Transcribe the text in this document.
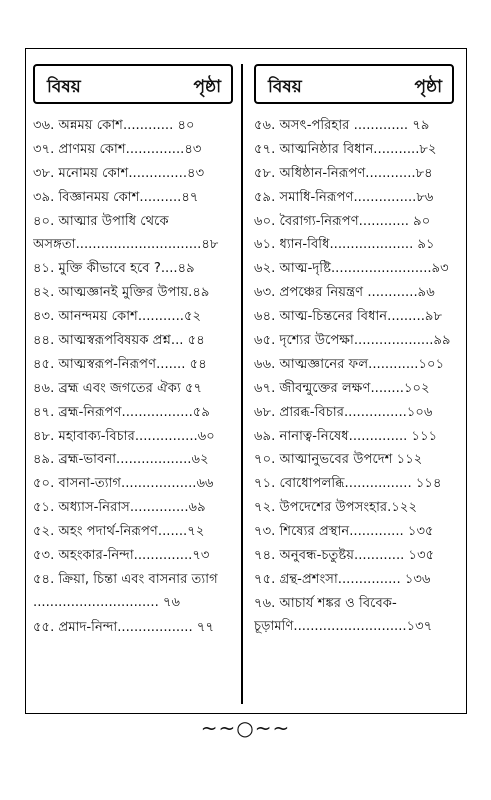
বিষয়	পৃষ্ঠা
৩৬. অন্নময় কোশ............ ৪০
৩৭. প্রাণময় কোশ..............৪৩
৩৮. মনোময় কোশ..............৪৩
৩৯. বিজ্ঞানময় কোশ..........৪৭
৪০. আত্মার উপাধি থেকে অসঙ্গতা..............................৪৮
৪১. মুক্তি কীভাবে হবে ?....৪৯
৪২. আত্মজ্ঞানই মুক্তির উপায়.৪৯
৪৩. আনন্দময় কোশ...........৫২
৪৪. আত্মস্বরূপবিষয়ক প্রশ্ন... ৫৪
৪৫. আত্মস্বরূপ-নিরূপণ....... ৫৪
৪৬. ব্রহ্ম এবং জগতের ঐক্য ৫৭
৪৭. ব্রহ্ম-নিরূপণ.................৫৯
৪৮. মহাবাক্য-বিচার...............৬০
৪৯. ব্রহ্ম-ভাবনা..................৬২
৫০. বাসনা-ত্যাগ..................৬৬
৫১. অধ্যাস-নিরাস..............৬৯
৫২. অহং পদার্থ-নিরূপণ.......৭২
৫৩. অহংকার-নিন্দা..............৭৩
৫৪. ক্রিয়া, চিন্তা এবং বাসনার ত্যাগ .............................. ৭৬
৫৫. প্রমাদ-নিন্দা.................. ৭৭
বিষয়	পৃষ্ঠা
৫৬. অসৎ-পরিহার ............. ৭৯
৫৭. আত্মনিষ্ঠার বিধান...........৮২
৫৮. অধিষ্ঠান-নিরূপণ............৮৪
৫৯. সমাধি-নিরূপণ...............৮৬
৬০. বৈরাগ্য-নিরূপণ............ ৯০
৬১. ধ্যান-বিধি.................... ৯১
৬২. আত্ম-দৃষ্টি........................৯৩
৬৩. প্রপঞ্চের নিয়ন্ত্রণ ............৯৬
৬৪. আত্ম-চিন্তনের বিধান.........৯৮
৬৫. দৃশ্যের উপেক্ষা...................৯৯
৬৬. আত্মজ্ঞানের ফল............১০১
৬৭. জীবন্মুক্তের লক্ষণ........১০২
৬৮. প্রারব্ধ-বিচার...............১০৬
৬৯. নানাত্ব-নিষেধ.............. ১১১
৭০. আত্মানুভবের উপদেশ ১১২
৭১. বোধোপলব্ধি................ ১১৪
৭২. উপদেশের উপসংহার.১২২
৭৩. শিষ্যের প্রস্থান............. ১৩৫
৭৪. অনুবন্ধ-চতুষ্টয়............ ১৩৫
৭৫. গ্রন্থ-প্রশংসা............... ১৩৬
৭৬. আচার্য শঙ্কর ও বিবেক-চূড়ামণি...........................১৩৭
~~○~~
